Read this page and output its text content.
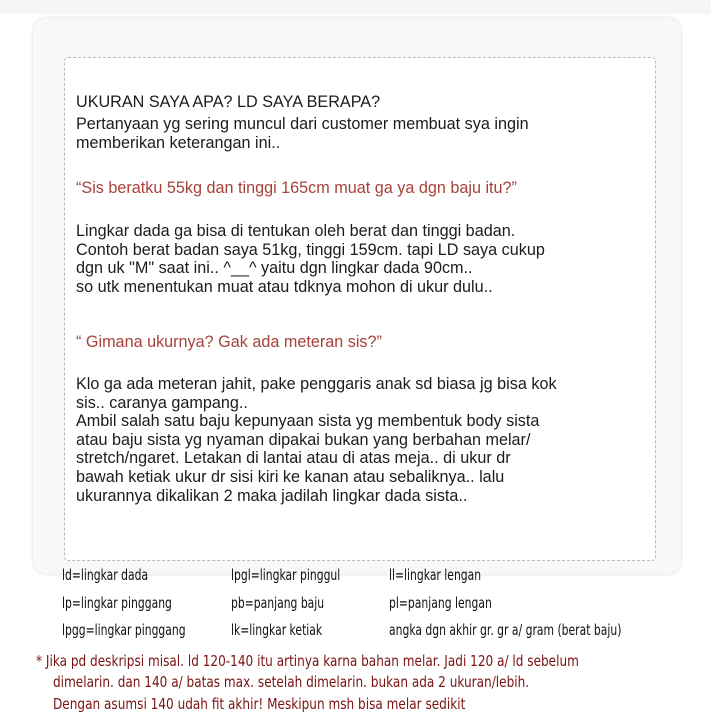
UKURAN SAYA APA? LD SAYA BERAPA?
Pertanyaan yg sering muncul dari customer membuat sya ingin
memberikan keterangan ini..
“Sis beratku 55kg dan tinggi 165cm muat ga ya dgn baju itu?”
Lingkar dada ga bisa di tentukan oleh berat dan tinggi badan.
Contoh berat badan saya 51kg, tinggi 159cm. tapi LD saya cukup
dgn uk "M" saat ini.. ^__^ yaitu dgn lingkar dada 90cm..
so utk menentukan muat atau tdknya mohon di ukur dulu..
“ Gimana ukurnya? Gak ada meteran sis?”
Klo ga ada meteran jahit, pake penggaris anak sd biasa jg bisa kok
sis.. caranya gampang..
Ambil salah satu baju kepunyaan sista yg membentuk body sista
atau baju sista yg nyaman dipakai bukan yang berbahan melar/
stretch/ngaret. Letakan di lantai atau di atas meja.. di ukur dr
bawah ketiak ukur dr sisi kiri ke kanan atau sebaliknya.. lalu
ukurannya dikalikan 2 maka jadilah lingkar dada sista..
ld=lingkar dada	lpgl=lingkar pinggul	ll=lingkar lengan
lp=lingkar pinggang	pb=panjang baju	pl=panjang lengan
lpgg=lingkar pinggang	lk=lingkar ketiak	angka dgn akhir gr. gr a/ gram (berat baju)
* Jika pd deskripsi misal. ld 120-140 itu artinya karna bahan melar. Jadi 120 a/ ld sebelum
dimelarin. dan 140 a/ batas max. setelah dimelarin. bukan ada 2 ukuran/lebih.
Dengan asumsi 140 udah fit akhir! Meskipun msh bisa melar sedikit
